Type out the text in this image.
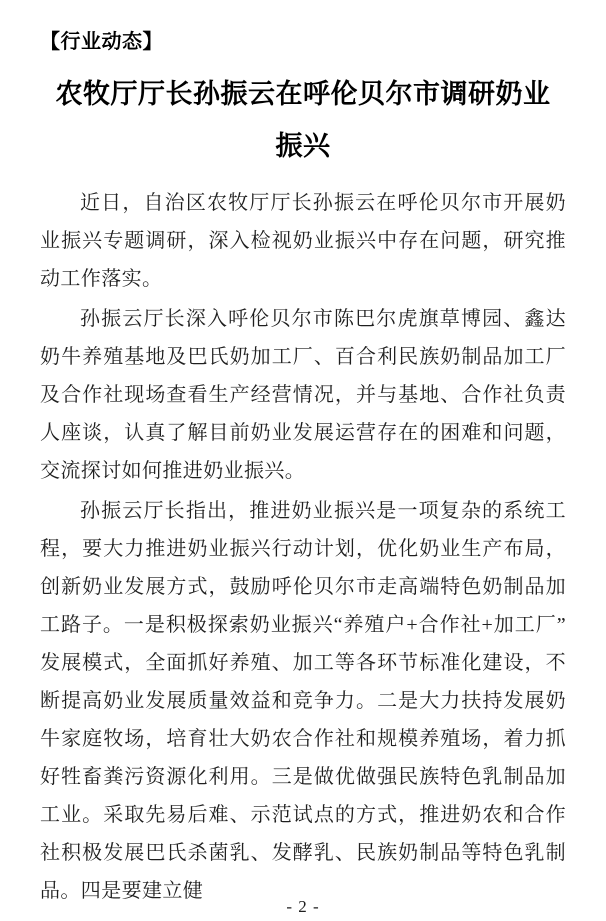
【行业动态】
农牧厅厅长孙振云在呼伦贝尔市调研奶业
振兴

近日，自治区农牧厅厅长孙振云在呼伦贝尔市开展奶业振兴专题调研，深入检视奶业振兴中存在问题，研究推动工作落实。

孙振云厅长深入呼伦贝尔市陈巴尔虎旗草博园、鑫达奶牛养殖基地及巴氏奶加工厂、百合利民族奶制品加工厂及合作社现场查看生产经营情况，并与基地、合作社负责人座谈，认真了解目前奶业发展运营存在的困难和问题，交流探讨如何推进奶业振兴。

孙振云厅长指出，推进奶业振兴是一项复杂的系统工程，要大力推进奶业振兴行动计划，优化奶业生产布局，创新奶业发展方式，鼓励呼伦贝尔市走高端特色奶制品加工路子。一是积极探索奶业振兴“养殖户+合作社+加工厂”发展模式，全面抓好养殖、加工等各环节标准化建设，不断提高奶业发展质量效益和竞争力。二是大力扶持发展奶牛家庭牧场，培育壮大奶农合作社和规模养殖场，着力抓好牲畜粪污资源化利用。三是做优做强民族特色乳制品加工业。采取先易后难、示范试点的方式，推进奶农和合作社积极发展巴氏杀菌乳、发酵乳、民族奶制品等特色乳制品。四是要建立健

- 2 -
